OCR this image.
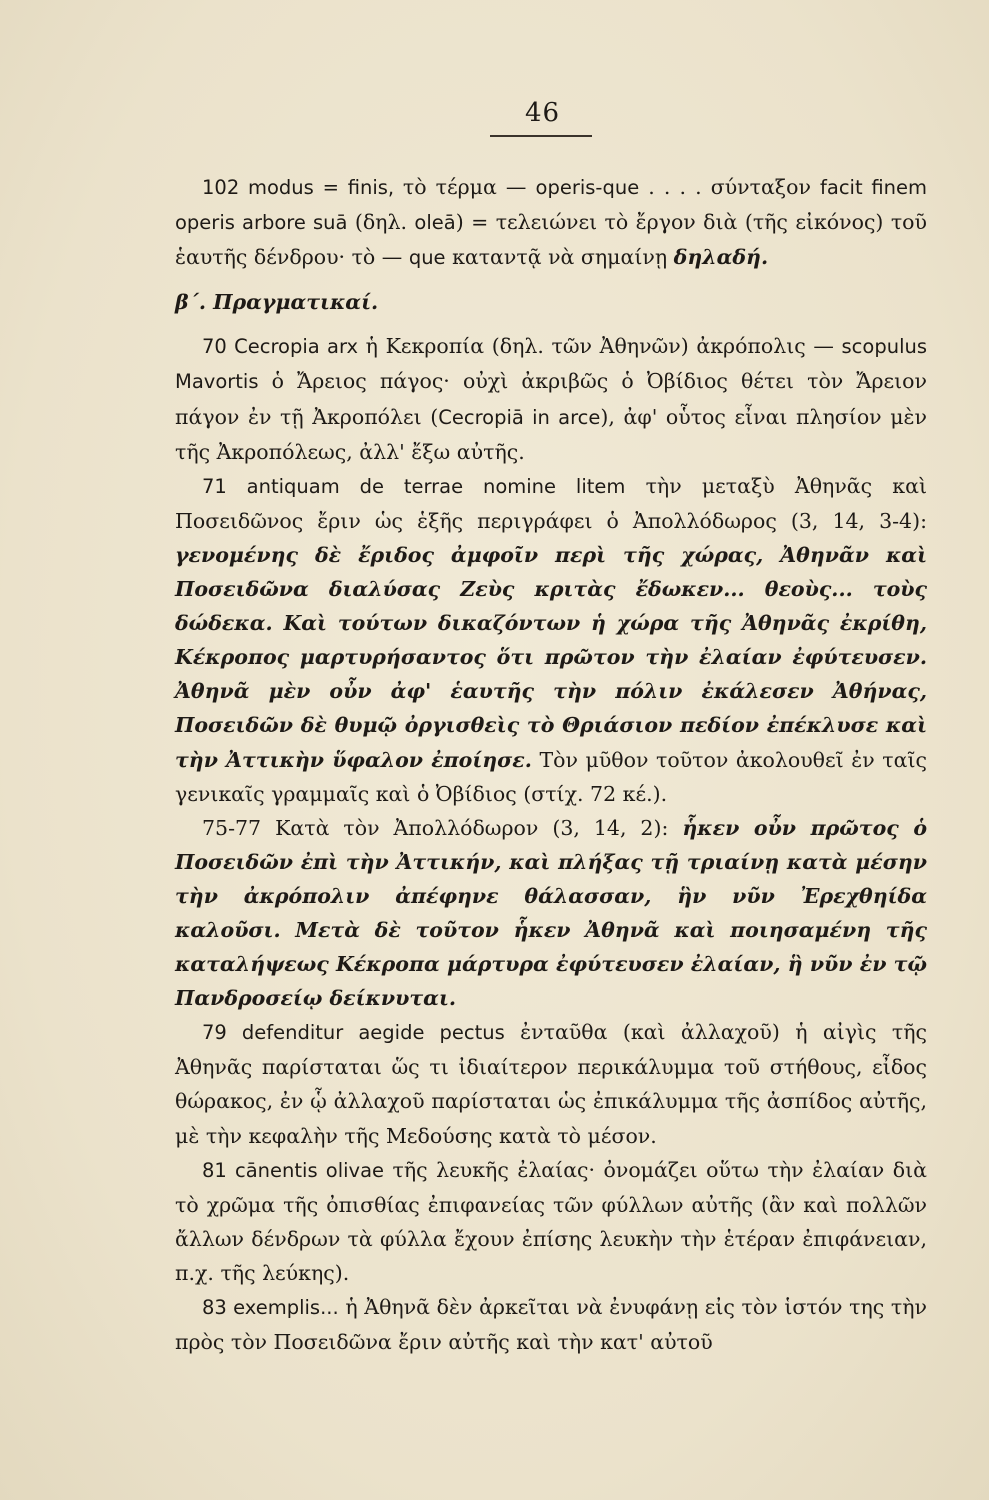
46

102 modus = finis, τὸ τέρμα — operis-que . . . . σύνταξον facit finem operis arbore suā (δηλ. oleā) = τελειώνει τὸ ἔργον διὰ (τῆς εἰκόνος) τοῦ ἑαυτῆς δένδρου· τὸ — que καταντᾷ νὰ σημαίνῃ δηλαδή.

β΄. Πραγματικαί.

70 Cecropia arx ἡ Κεκροπία (δηλ. τῶν Ἀθηνῶν) ἀκρόπολις — scopulus Mavortis ὁ Ἄρειος πάγος· οὐχὶ ἀκριβῶς ὁ Ὀβίδιος θέτει τὸν Ἄρειον πάγον ἐν τῇ Ἀκροπόλει (Cecropiā in arce), ἀφ' οὗτος εἶναι πλησίον μὲν τῆς Ἀκροπόλεως, ἀλλ' ἔξω αὐτῆς.

71 antiquam de terrae nomine litem τὴν μεταξὺ Ἀθηνᾶς καὶ Ποσειδῶνος ἔριν ὡς ἑξῆς περιγράφει ὁ Ἀπολλόδωρος (3, 14, 3-4): γενομένης δὲ ἔριδος ἀμφοῖν περὶ τῆς χώρας, Ἀθηνᾶν καὶ Ποσειδῶνα διαλύσας Ζεὺς κριτὰς ἔδωκεν... θεοὺς... τοὺς δώδεκα. Καὶ τούτων δικαζόντων ἡ χώρα τῆς Ἀθηνᾶς ἐκρίθη, Κέκροπος μαρτυρήσαντος ὅτι πρῶτον τὴν ἐλαίαν ἐφύτευσεν. Ἀθηνᾶ μὲν οὖν ἀφ' ἑαυτῆς τὴν πόλιν ἐκάλεσεν Ἀθήνας, Ποσειδῶν δὲ θυμῷ ὀργισθεὶς τὸ Θριάσιον πεδίον ἐπέκλυσε καὶ τὴν Ἀττικὴν ὕφαλον ἐποίησε. Τὸν μῦθον τοῦτον ἀκολουθεῖ ἐν ταῖς γενικαῖς γραμμαῖς καὶ ὁ Ὀβίδιος (στίχ. 72 κέ.).

75-77 Κατὰ τὸν Ἀπολλόδωρον (3, 14, 2): ἧκεν οὖν πρῶτος ὁ Ποσειδῶν ἐπὶ τὴν Ἀττικήν, καὶ πλήξας τῇ τριαίνῃ κατὰ μέσην τὴν ἀκρόπολιν ἀπέφηνε θάλασσαν, ἣν νῦν Ἐρεχθηίδα καλοῦσι. Μετὰ δὲ τοῦτον ἧκεν Ἀθηνᾶ καὶ ποιησαμένη τῆς καταλήψεως Κέκροπα μάρτυρα ἐφύτευσεν ἐλαίαν, ἣ νῦν ἐν τῷ Πανδροσείῳ δείκνυται.

79 defenditur aegide pectus ἐνταῦθα (καὶ ἀλλαχοῦ) ἡ αἰγὶς τῆς Ἀθηνᾶς παρίσταται ὥς τι ἰδιαίτερον περικάλυμμα τοῦ στήθους, εἶδος θώρακος, ἐν ᾧ ἀλλαχοῦ παρίσταται ὡς ἐπικάλυμμα τῆς ἀσπίδος αὐτῆς, μὲ τὴν κεφαλὴν τῆς Μεδούσης κατὰ τὸ μέσον.

81 cānentis olivae τῆς λευκῆς ἐλαίας· ὀνομάζει οὕτω τὴν ἐλαίαν διὰ τὸ χρῶμα τῆς ὀπισθίας ἐπιφανείας τῶν φύλλων αὐτῆς (ἂν καὶ πολλῶν ἄλλων δένδρων τὰ φύλλα ἔχουν ἐπίσης λευκὴν τὴν ἑτέραν ἐπιφάνειαν, π.χ. τῆς λεύκης).

83 exemplis... ἡ Ἀθηνᾶ δὲν ἀρκεῖται νὰ ἐνυφάνῃ εἰς τὸν ἱστόν της τὴν πρὸς τὸν Ποσειδῶνα ἔριν αὐτῆς καὶ τὴν κατ' αὐτοῦ
